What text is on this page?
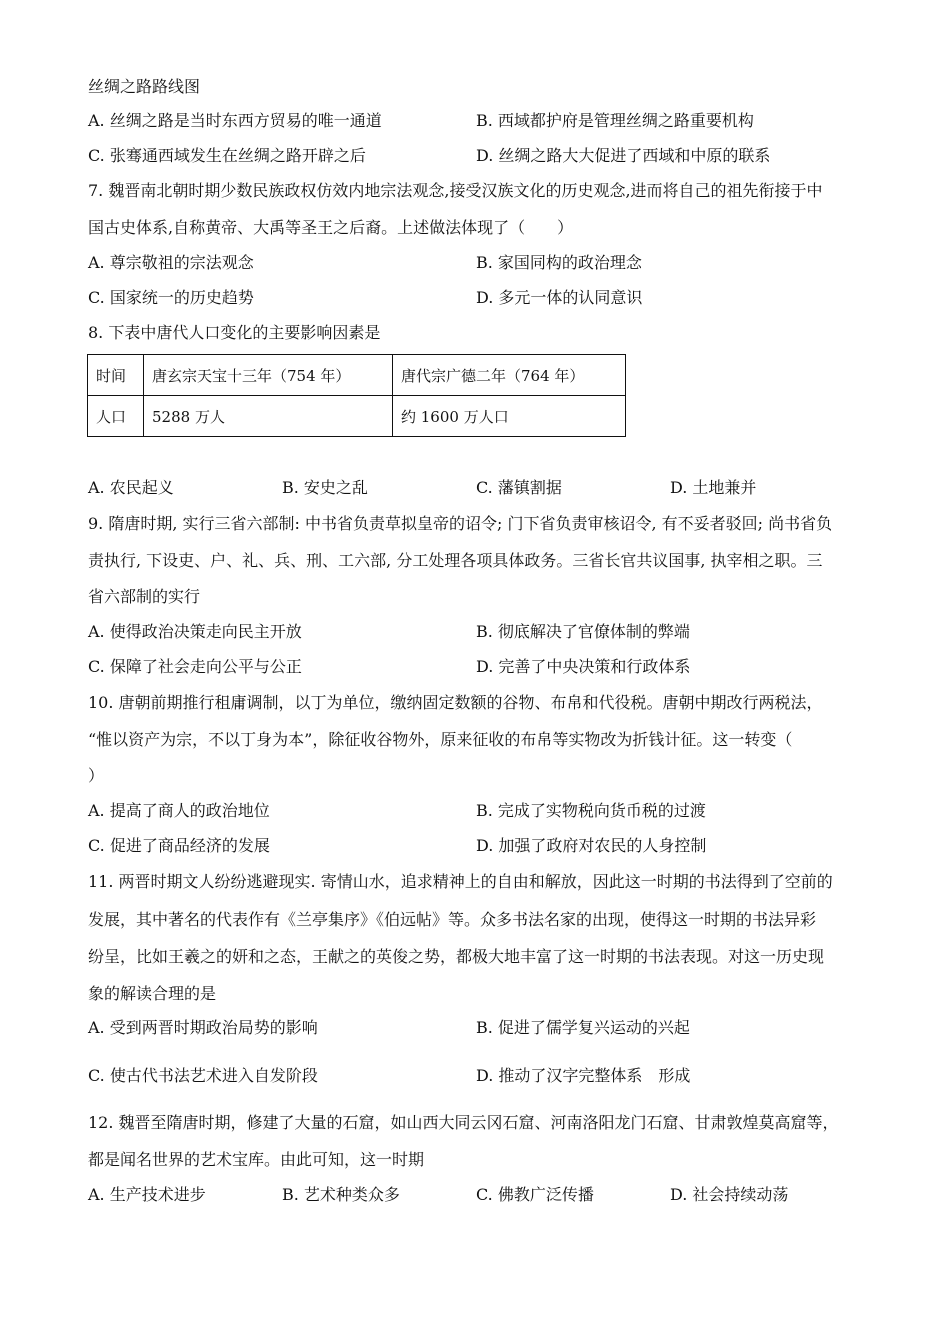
丝绸之路路线图
A. 丝绸之路是当时东西方贸易的唯一通道	B. 西域都护府是管理丝绸之路重要机构
C. 张骞通西域发生在丝绸之路开辟之后	D. 丝绸之路大大促进了西域和中原的联系
7. 魏晋南北朝时期少数民族政权仿效内地宗法观念,接受汉族文化的历史观念,进而将自己的祖先衔接于中
国古史体系,自称黄帝、大禹等圣王之后裔。上述做法体现了（　　）
A. 尊宗敬祖的宗法观念	B. 家国同构的政治理念
C. 国家统一的历史趋势	D. 多元一体的认同意识
8. 下表中唐代人口变化的主要影响因素是
时间	唐玄宗天宝十三年（754 年）	唐代宗广德二年（764 年）
人口	5288 万人	约 1600 万人口
A. 农民起义	B. 安史之乱	C. 藩镇割据	D. 土地兼并
9. 隋唐时期, 实行三省六部制: 中书省负责草拟皇帝的诏令; 门下省负责审核诏令, 有不妥者驳回; 尚书省负
责执行, 下设吏、户、礼、兵、刑、工六部, 分工处理各项具体政务。三省长官共议国事, 执宰相之职。三
省六部制的实行
A. 使得政治决策走向民主开放	B. 彻底解决了官僚体制的弊端
C. 保障了社会走向公平与公正	D. 完善了中央决策和行政体系
10. 唐朝前期推行租庸调制，以丁为单位，缴纳固定数额的谷物、布帛和代役税。唐朝中期改行两税法，
“惟以资产为宗，不以丁身为本”，除征收谷物外，原来征收的布帛等实物改为折钱计征。这一转变（
）
A. 提高了商人的政治地位	B. 完成了实物税向货币税的过渡
C. 促进了商品经济的发展	D. 加强了政府对农民的人身控制
11. 两晋时期文人纷纷逃避现实. 寄情山水，追求精神上的自由和解放，因此这一时期的书法得到了空前的
发展，其中著名的代表作有《兰亭集序》《伯远帖》等。众多书法名家的出现，使得这一时期的书法异彩
纷呈，比如王羲之的妍和之态，王献之的英俊之势，都极大地丰富了这一时期的书法表现。对这一历史现
象的解读合理的是
A. 受到两晋时期政治局势的影响	B. 促进了儒学复兴运动的兴起
C. 使古代书法艺术进入自发阶段	D. 推动了汉字完整体系　形成
12. 魏晋至隋唐时期，修建了大量的石窟，如山西大同云冈石窟、河南洛阳龙门石窟、甘肃敦煌莫高窟等，
都是闻名世界的艺术宝库。由此可知，这一时期
A. 生产技术进步	B. 艺术种类众多	C. 佛教广泛传播	D. 社会持续动荡
